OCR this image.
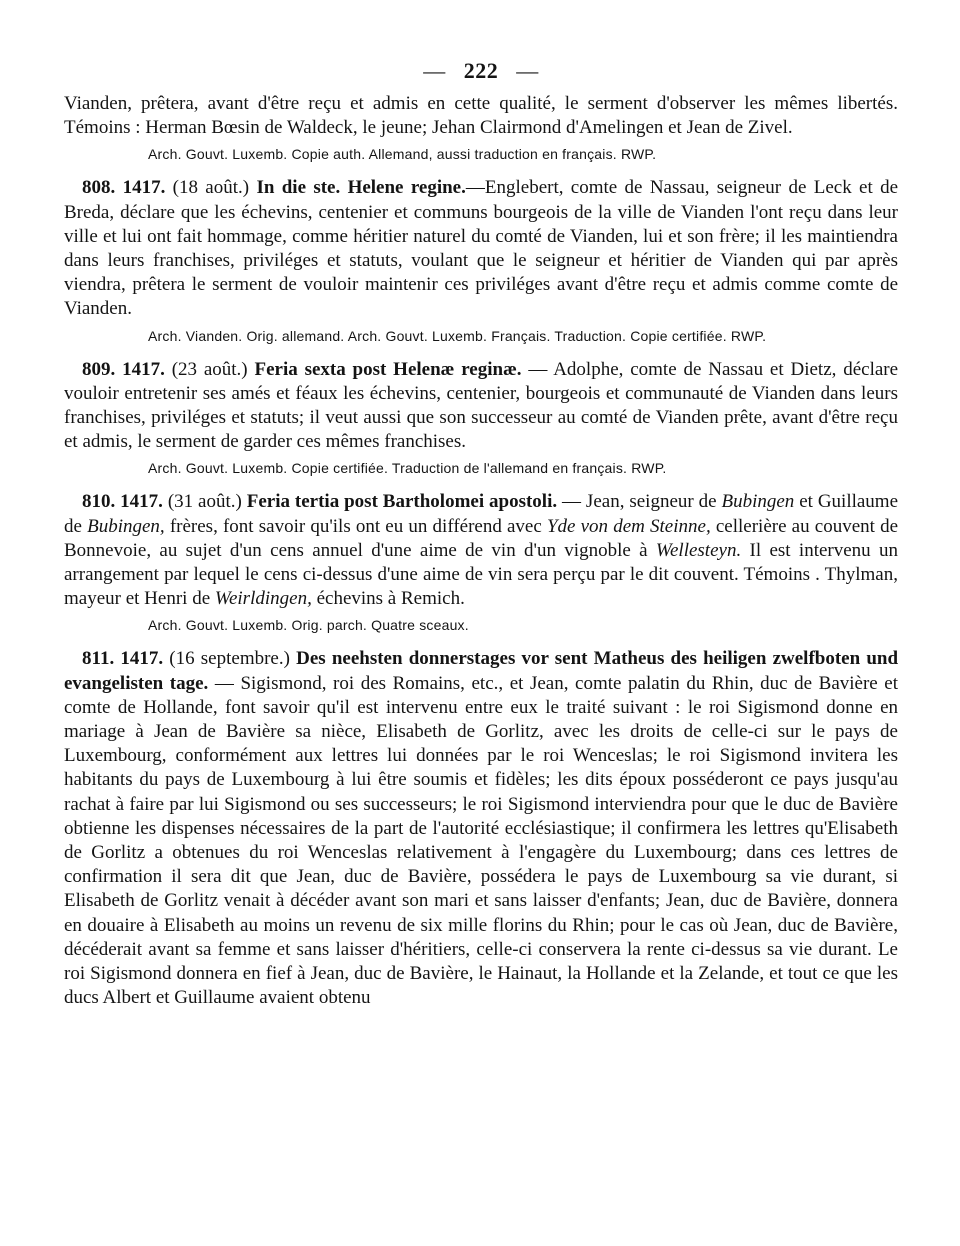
— 222 —

Vianden, prêtera, avant d'être reçu et admis en cette qualité, le serment d'observer les mêmes libertés. Témoins : Herman Bœsin de Waldeck, le jeune; Jehan Clairmond d'Amelingen et Jean de Zivel.

Arch. Gouvt. Luxemb. Copie auth. Allemand, aussi traduction en français. RWP.

808. 1417. (18 août.) In die ste. Helene regine.—Englebert, comte de Nassau, seigneur de Leck et de Breda, déclare que les échevins, centenier et communs bourgeois de la ville de Vianden l'ont reçu dans leur ville et lui ont fait hommage, comme héritier naturel du comté de Vianden, lui et son frère; il les maintiendra dans leurs franchises, priviléges et statuts, voulant que le seigneur et héritier de Vianden qui par après viendra, prêtera le serment de vouloir maintenir ces priviléges avant d'être reçu et admis comme comte de Vianden.

Arch. Vianden. Orig. allemand. Arch. Gouvt. Luxemb. Français. Traduction. Copie certifiée. RWP.

809. 1417. (23 août.) Feria sexta post Helenæ reginæ. — Adolphe, comte de Nassau et Dietz, déclare vouloir entretenir ses amés et féaux les échevins, centenier, bourgeois et communauté de Vianden dans leurs franchises, priviléges et statuts; il veut aussi que son successeur au comté de Vianden prête, avant d'être reçu et admis, le serment de garder ces mêmes franchises.

Arch. Gouvt. Luxemb. Copie certifiée. Traduction de l'allemand en français. RWP.

810. 1417. (31 août.) Feria tertia post Bartholomei apostoli. — Jean, seigneur de Bubingen et Guillaume de Bubingen, frères, font savoir qu'ils ont eu un différend avec Yde von dem Steinne, cellerière au couvent de Bonnevoie, au sujet d'un cens annuel d'une aime de vin d'un vignoble à Wellesteyn. Il est intervenu un arrangement par lequel le cens ci-dessus d'une aime de vin sera perçu par le dit couvent. Témoins . Thylman, mayeur et Henri de Weirldingen, échevins à Remich.

Arch. Gouvt. Luxemb. Orig. parch. Quatre sceaux.

811. 1417. (16 septembre.) Des neehsten donnerstages vor sent Matheus des heiligen zwelfboten und evangelisten tage. — Sigismond, roi des Romains, etc., et Jean, comte palatin du Rhin, duc de Bavière et comte de Hollande, font savoir qu'il est intervenu entre eux le traité suivant : le roi Sigismond donne en mariage à Jean de Bavière sa nièce, Elisabeth de Gorlitz, avec les droits de celle-ci sur le pays de Luxembourg, conformément aux lettres lui données par le roi Wenceslas; le roi Sigismond invitera les habitants du pays de Luxembourg à lui être soumis et fidèles; les dits époux posséderont ce pays jusqu'au rachat à faire par lui Sigismond ou ses successeurs; le roi Sigismond interviendra pour que le duc de Bavière obtienne les dispenses nécessaires de la part de l'autorité ecclésiastique; il confirmera les lettres qu'Elisabeth de Gorlitz a obtenues du roi Wenceslas relativement à l'engagère du Luxembourg; dans ces lettres de confirmation il sera dit que Jean, duc de Bavière, possédera le pays de Luxembourg sa vie durant, si Elisabeth de Gorlitz venait à décéder avant son mari et sans laisser d'enfants; Jean, duc de Bavière, donnera en douaire à Elisabeth au moins un revenu de six mille florins du Rhin; pour le cas où Jean, duc de Bavière, décéderait avant sa femme et sans laisser d'héritiers, celle-ci conservera la rente ci-dessus sa vie durant. Le roi Sigismond donnera en fief à Jean, duc de Bavière, le Hainaut, la Hollande et la Zelande, et tout ce que les ducs Albert et Guillaume avaient obtenu
